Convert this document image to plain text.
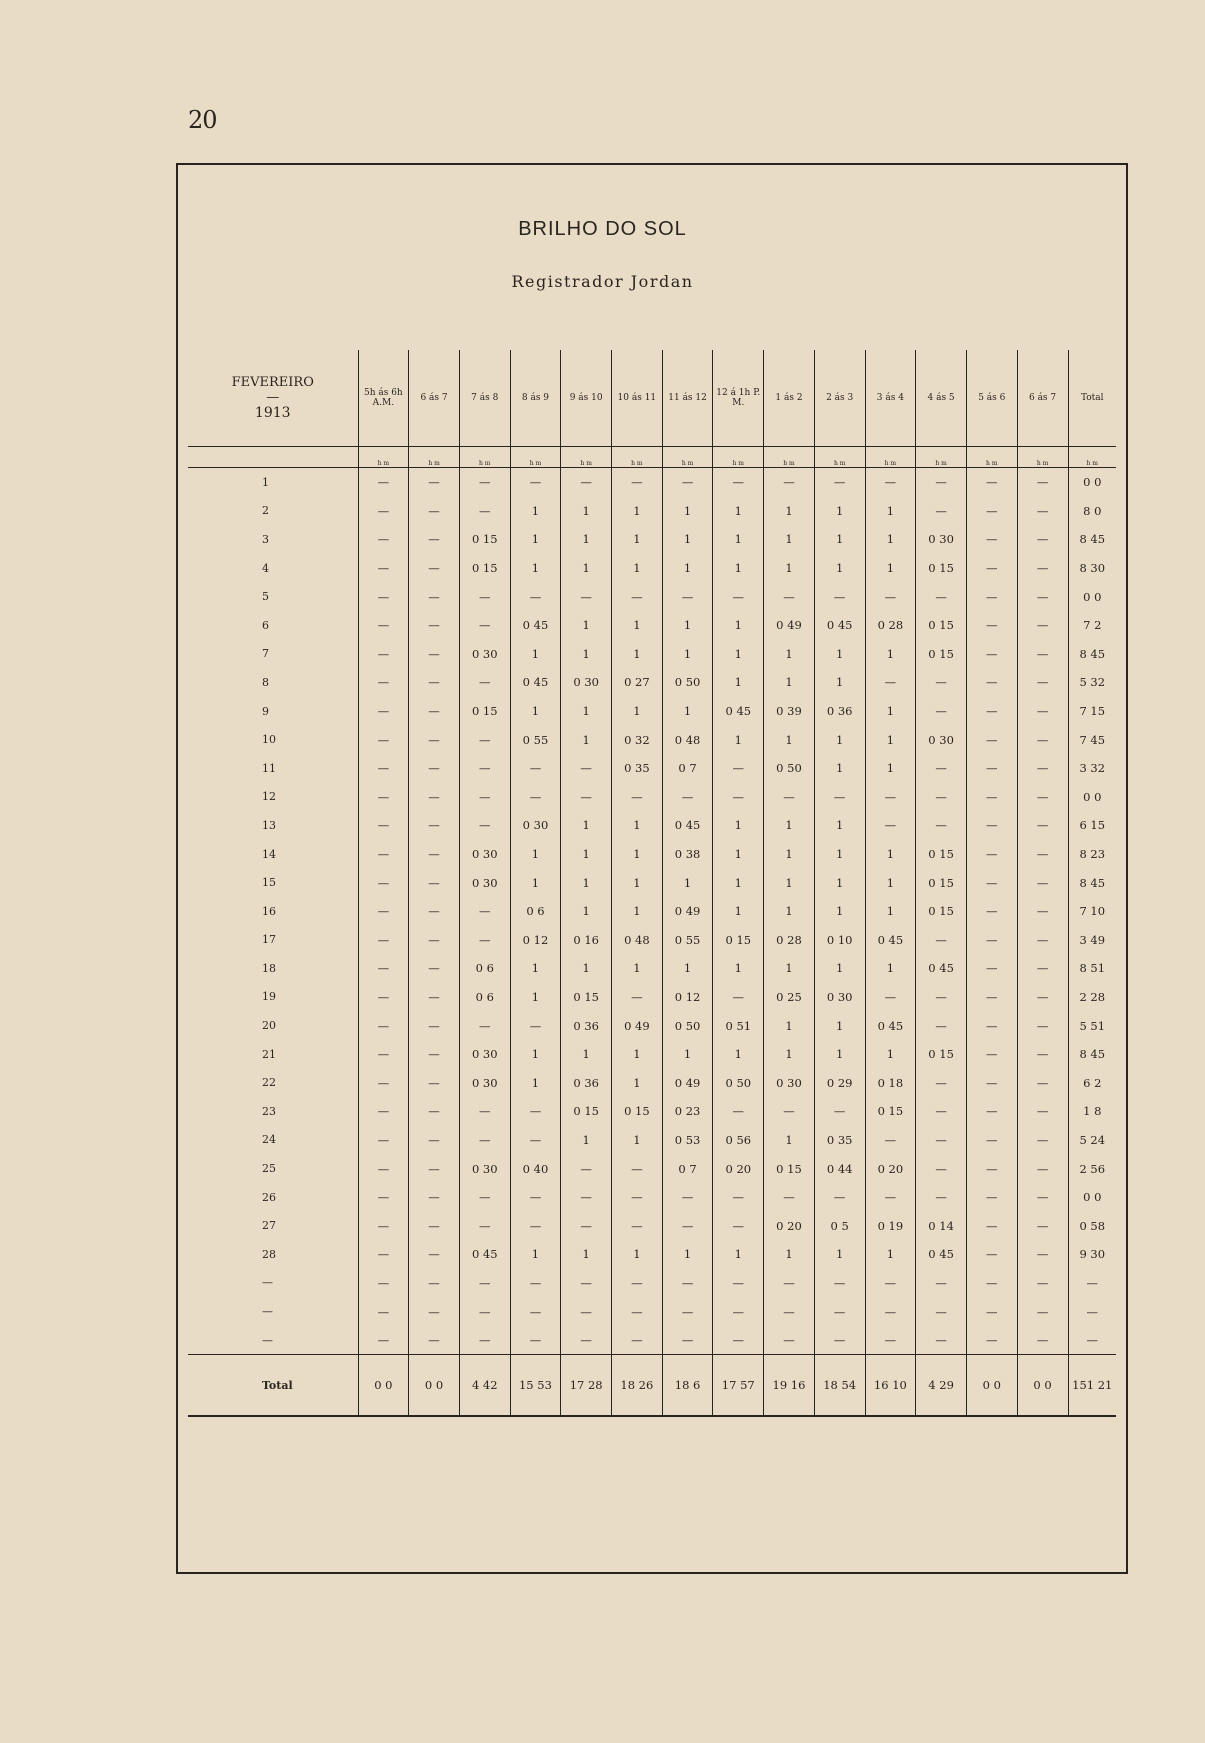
20
BRILHO DO SOL
Registrador Jordan
FEVEREIRO
—
1913	5h ás 6h A.M.	6 ás 7	7 ás 8	8 ás 9	9 ás 10	10 ás 11	11 ás 12	12 á 1h P. M.	1 ás 2	2 ás 3	3 ás 4	4 ás 5	5 ás 6	6 ás 7	Total
	h m	h m	h m	h m	h m	h m	h m	h m	h m	h m	h m	h m	h m	h m	h m
1	—	—	—	—	—	—	—	—	—	—	—	—	—	—	0 0
2	—	—	—	1	1	1	1	1	1	1	1	—	—	—	8 0
3	—	—	0 15	1	1	1	1	1	1	1	1	0 30	—	—	8 45
4	—	—	0 15	1	1	1	1	1	1	1	1	0 15	—	—	8 30
5	—	—	—	—	—	—	—	—	—	—	—	—	—	—	0 0
6	—	—	—	0 45	1	1	1	1	0 49	0 45	0 28	0 15	—	—	7 2
7	—	—	0 30	1	1	1	1	1	1	1	1	0 15	—	—	8 45
8	—	—	—	0 45	0 30	0 27	0 50	1	1	1	—	—	—	—	5 32
9	—	—	0 15	1	1	1	1	0 45	0 39	0 36	1	—	—	—	7 15
10	—	—	—	0 55	1	0 32	0 48	1	1	1	1	0 30	—	—	7 45
11	—	—	—	—	—	0 35	0 7	—	0 50	1	1	—	—	—	3 32
12	—	—	—	—	—	—	—	—	—	—	—	—	—	—	0 0
13	—	—	—	0 30	1	1	0 45	1	1	1	—	—	—	—	6 15
14	—	—	0 30	1	1	1	0 38	1	1	1	1	0 15	—	—	8 23
15	—	—	0 30	1	1	1	1	1	1	1	1	0 15	—	—	8 45
16	—	—	—	0 6	1	1	0 49	1	1	1	1	0 15	—	—	7 10
17	—	—	—	0 12	0 16	0 48	0 55	0 15	0 28	0 10	0 45	—	—	—	3 49
18	—	—	0 6	1	1	1	1	1	1	1	1	0 45	—	—	8 51
19	—	—	0 6	1	0 15	—	0 12	—	0 25	0 30	—	—	—	—	2 28
20	—	—	—	—	0 36	0 49	0 50	0 51	1	1	0 45	—	—	—	5 51
21	—	—	0 30	1	1	1	1	1	1	1	1	0 15	—	—	8 45
22	—	—	0 30	1	0 36	1	0 49	0 50	0 30	0 29	0 18	—	—	—	6 2
23	—	—	—	—	0 15	0 15	0 23	—	—	—	0 15	—	—	—	1 8
24	—	—	—	—	1	1	0 53	0 56	1	0 35	—	—	—	—	5 24
25	—	—	0 30	0 40	—	—	0 7	0 20	0 15	0 44	0 20	—	—	—	2 56
26	—	—	—	—	—	—	—	—	—	—	—	—	—	—	0 0
27	—	—	—	—	—	—	—	—	0 20	0 5	0 19	0 14	—	—	0 58
28	—	—	0 45	1	1	1	1	1	1	1	1	0 45	—	—	9 30
—	—	—	—	—	—	—	—	—	—	—	—	—	—	—	—
—	—	—	—	—	—	—	—	—	—	—	—	—	—	—	—
—	—	—	—	—	—	—	—	—	—	—	—	—	—	—	—
Total	0 0	0 0	4 42	15 53	17 28	18 26	18 6	17 57	19 16	18 54	16 10	4 29	0 0	0 0	151 21
